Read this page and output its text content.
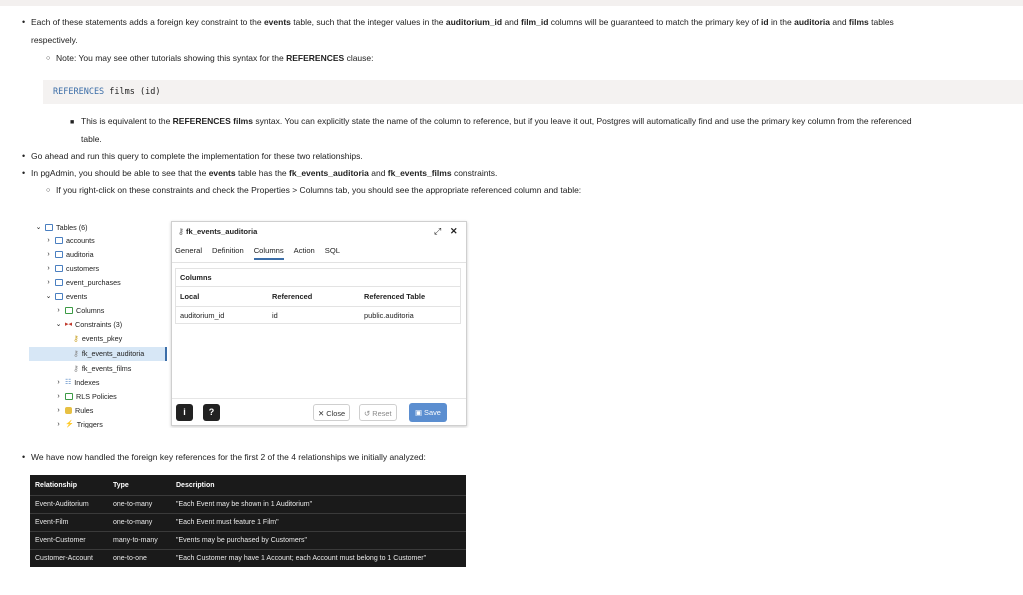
• Each of these statements adds a foreign key constraint to the events table, such that the integer values in the auditorium_id and film_id columns will be guaranteed to match the primary key of id in the auditoria and films tables
respectively.
○ Note: You may see other tutorials showing this syntax for the REFERENCES clause:
REFERENCES films (id)
■ This is equivalent to the REFERENCES films syntax. You can explicitly state the name of the column to reference, but if you leave it out, Postgres will automatically find and use the primary key column from the referenced
table.
• Go ahead and run this query to complete the implementation for these two relationships.
• In pgAdmin, you should be able to see that the events table has the fk_events_auditoria and fk_events_films constraints.
○ If you right-click on these constraints and check the Properties > Columns tab, you should see the appropriate referenced column and table:
⌄ Tables (6)
›	accounts
›	auditoria
›	customers
›	event_purchases
⌄ events
›	Columns
⌄ ▸◂ Constraints (3)
⚷ events_pkey
⚷ fk_events_auditoria
⚷ fk_events_films
› ☷ Indexes
›	RLS Policies
›	Rules
› ⚡ Triggers
⚷ fk_events_auditoria	⤢ ✕
General Definition Columns Action SQL
Columns
Local	Referenced	Referenced Table
auditorium_id	id	public.auditoria
i	?	✕ Close	↺ Reset	▣ Save
• We have now handled the foreign key references for the first 2 of the 4 relationships we initially analyzed:
Relationship	Type	Description
Event-Auditorium	one-to-many	"Each Event may be shown in 1 Auditorium"
Event-Film	one-to-many	"Each Event must feature 1 Film"
Event-Customer	many-to-many	"Events may be purchased by Customers"
Customer-Account	one-to-one	"Each Customer may have 1 Account; each Account must belong to 1 Customer"
